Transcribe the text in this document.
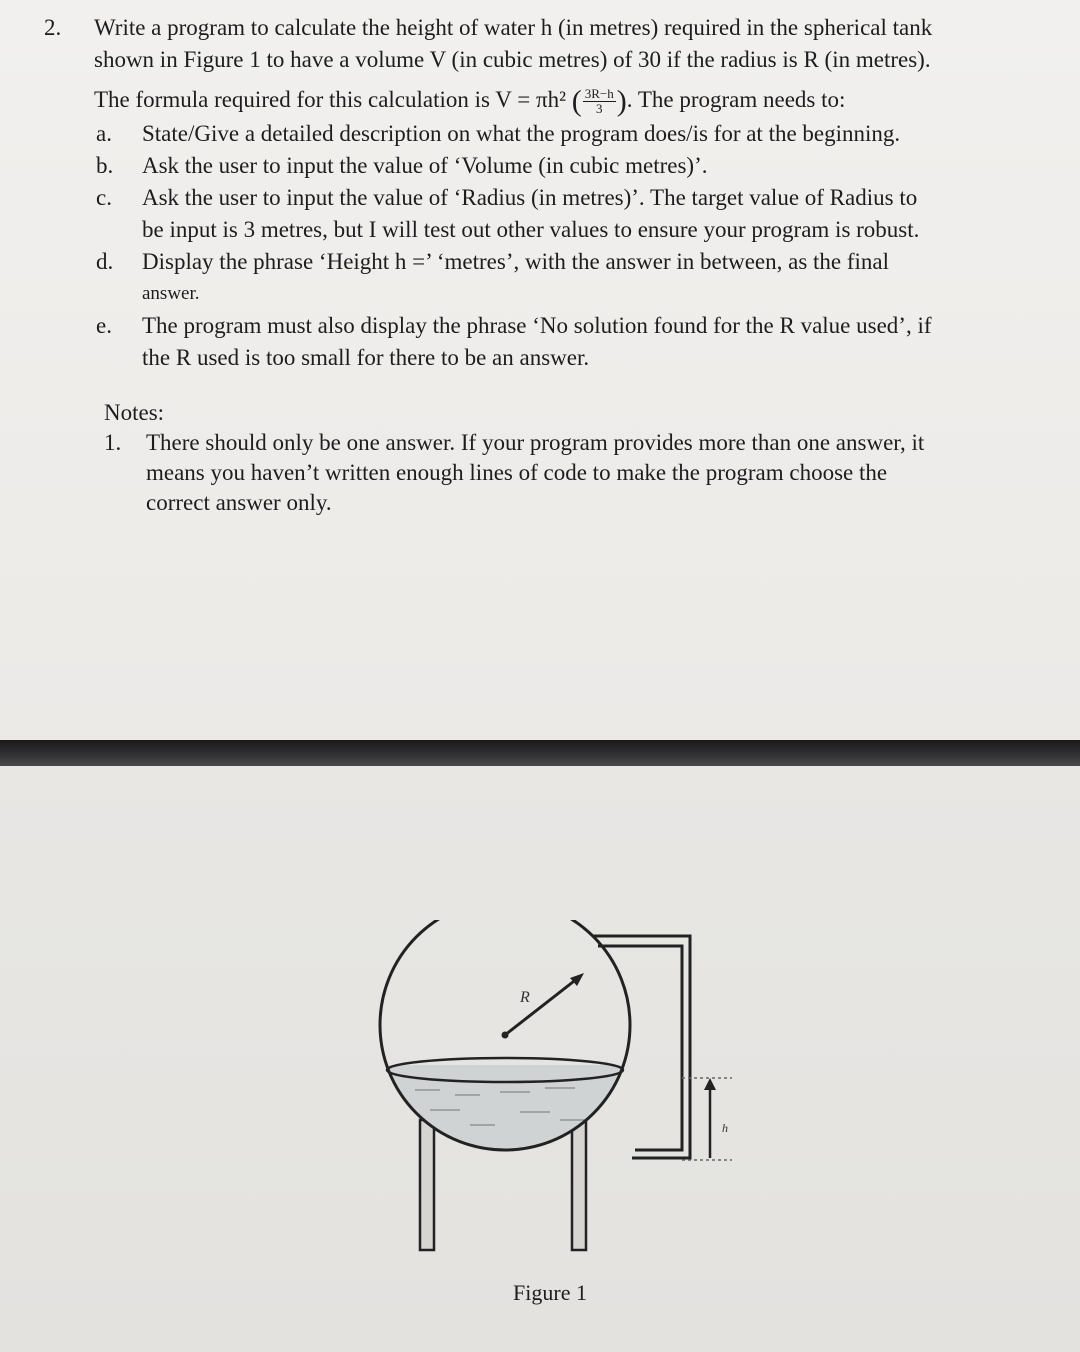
2. Write a program to calculate the height of water h (in metres) required in the spherical tank
shown in Figure 1 to have a volume V (in cubic metres) of 30 if the radius is R (in metres).
The formula required for this calculation is V = πh² ( $\frac{3R-h}{3}$ ). The program needs to:
a. State/Give a detailed description on what the program does/is for at the beginning.
b. Ask the user to input the value of ‘Volume (in cubic metres)’.
c. Ask the user to input the value of ‘Radius (in metres)’. The target value of Radius to
be input is 3 metres, but I will test out other values to ensure your program is robust.
d. Display the phrase ‘Height h =’ ‘metres’, with the answer in between, as the final
answer.
e. The program must also display the phrase ‘No solution found for the R value used’, if
the R used is too small for there to be an answer.
Notes:
1. There should only be one answer. If your program provides more than one answer, it
means you haven’t written enough lines of code to make the program choose the
correct answer only.
R
h
Figure 1
